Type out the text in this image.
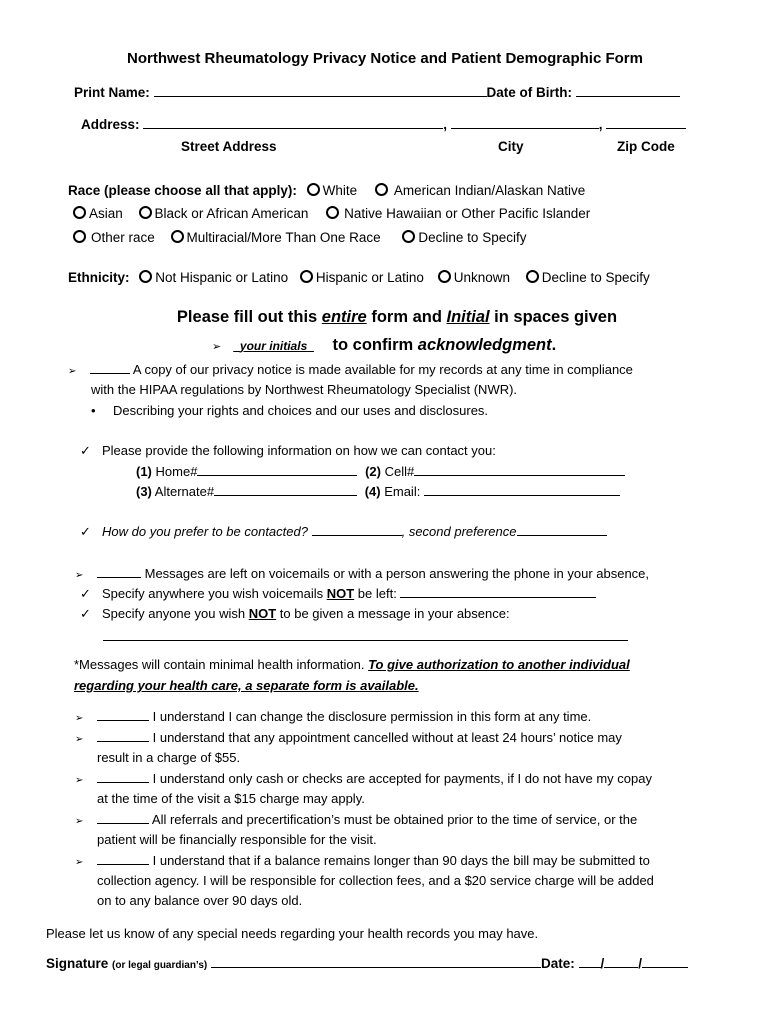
Northwest Rheumatology Privacy Notice and Patient Demographic Form
Print Name:	Date of Birth:
Address:	,	,
Street Address	City	Zip Code
Race (please choose all that apply): White	American Indian/Alaskan Native
Asian Black or African American	Native Hawaiian or Other Pacific Islander
Other race Multiracial/More Than One Race	Decline to Specify
Ethnicity: Not Hispanic or Latino Hispanic or Latino Unknown Decline to Specify
Please fill out this entire form and Initial in spaces given
➢ your initials to confirm acknowledgment.
➢	A copy of our privacy notice is made available for my records at any time in compliance
with the HIPAA regulations by Northwest Rheumatology Specialist (NWR).
• Describing your rights and choices and our uses and disclosures.
✓ Please provide the following information on how we can contact you:
(1) Home#	(2) Cell#
(3) Alternate#	(4) Email:
✓ How do you prefer to be contacted?	, second preference
➢	Messages are left on voicemails or with a person answering the phone in your absence,
✓ Specify anywhere you wish voicemails NOT be left:
✓ Specify anyone you wish NOT to be given a message in your absence:
*Messages will contain minimal health information. To give authorization to another individual
regarding your health care, a separate form is available.
➢	I understand I can change the disclosure permission in this form at any time.
➢	I understand that any appointment cancelled without at least 24 hours’ notice may
result in a charge of $55.
➢	I understand only cash or checks are accepted for payments, if I do not have my copay
at the time of the visit a $15 charge may apply.
➢	All referrals and precertification’s must be obtained prior to the time of service, or the
patient will be financially responsible for the visit.
➢	I understand that if a balance remains longer than 90 days the bill may be submitted to
collection agency. I will be responsible for collection fees, and a $20 service charge will be added
on to any balance over 90 days old.
Please let us know of any special needs regarding your health records you may have.
Signature (or legal guardian’s)	Date: /	/
